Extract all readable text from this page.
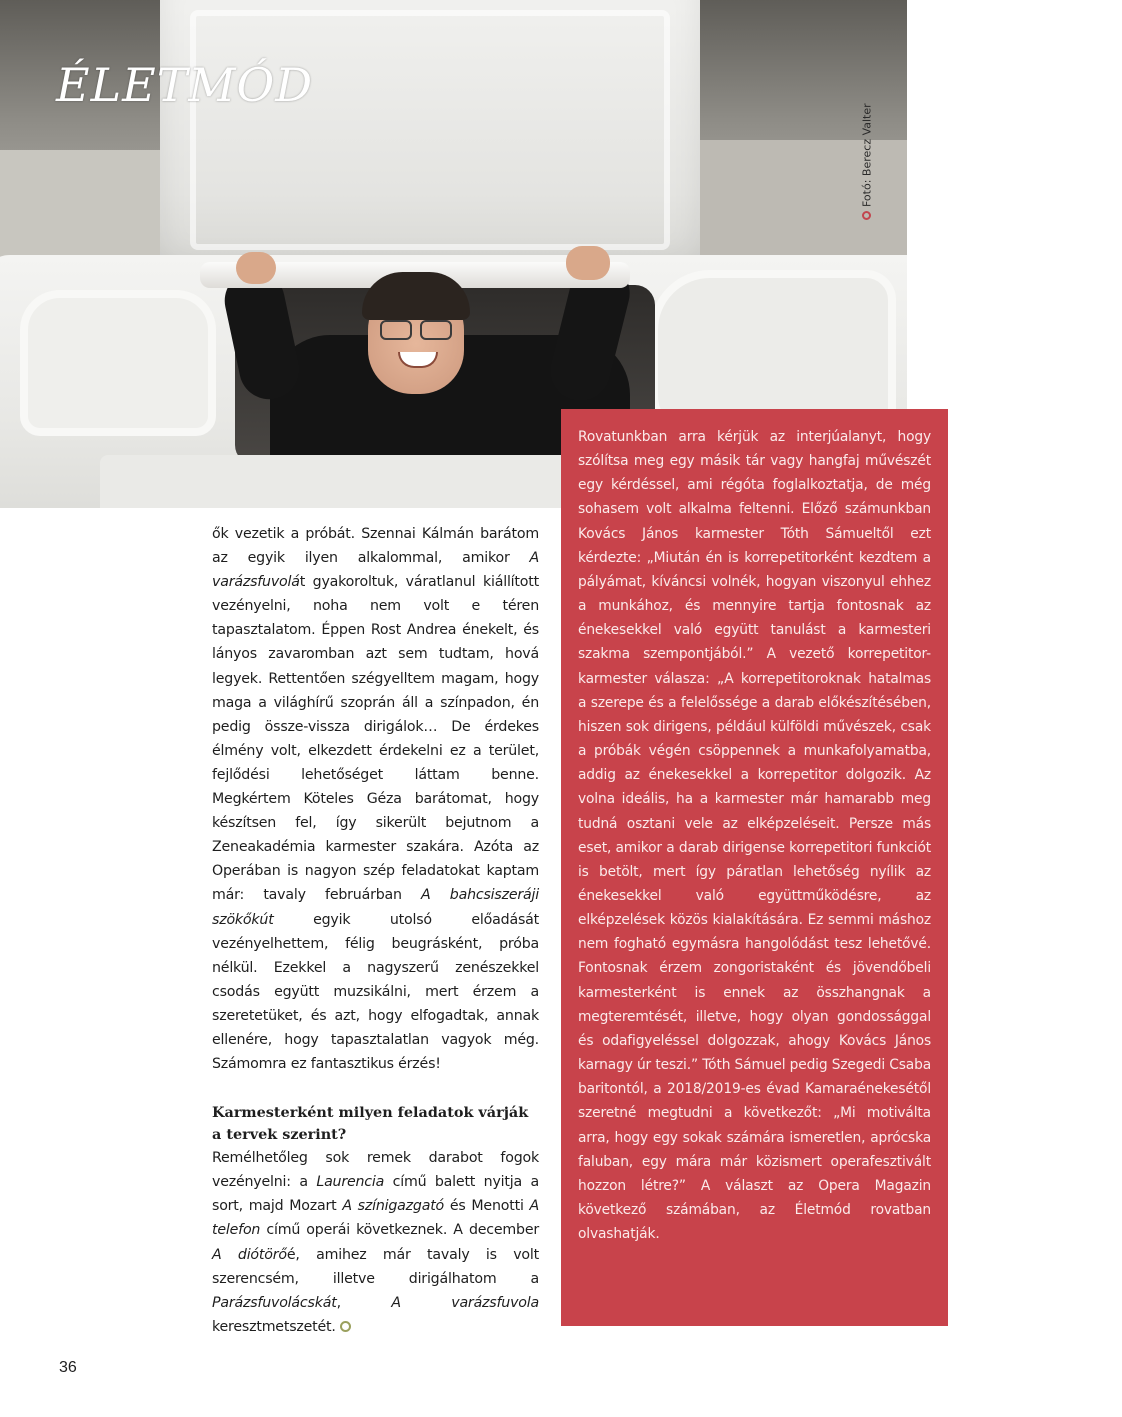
ÉLETMÓD
Fotó: Berecz Valter

ők vezetik a próbát. Szennai Kálmán barátom az egyik ilyen alkalommal, amikor A varázsfuvolát gyakoroltuk, váratlanul kiállított vezényelni, noha nem volt e téren tapasztalatom. Éppen Rost Andrea énekelt, és lányos zavaromban azt sem tudtam, hová legyek. Rettentően szégyelltem magam, hogy maga a világhírű szoprán áll a színpadon, én pedig össze-vissza dirigálok… De érdekes élmény volt, elkezdett érdekelni ez a terület, fejlődési lehetőséget láttam benne. Megkértem Köteles Géza barátomat, hogy készítsen fel, így sikerült bejutnom a Zeneakadémia karmester szakára. Azóta az Operában is nagyon szép feladatokat kaptam már: tavaly februárban A bahcsiszeráji szökőkút egyik utolsó előadását vezényelhettem, félig beugrásként, próba nélkül. Ezekkel a nagyszerű zenészekkel csodás együtt muzsikálni, mert érzem a szeretetüket, és azt, hogy elfogadtak, annak ellenére, hogy tapasztalatlan vagyok még. Számomra ez fantasztikus érzés!

Karmesterként milyen feladatok várják a tervek szerint?

Remélhetőleg sok remek darabot fogok vezényelni: a Laurencia című balett nyitja a sort, majd Mozart A színigazgató és Menotti A telefon című operái következnek. A december A diótörőé, amihez már tavaly is volt szerencsém, illetve dirigálhatom a Parázsfuvolácskát, A varázsfuvola keresztmetszetét.

Rovatunkban arra kérjük az interjúalanyt, hogy szólítsa meg egy másik tár vagy hangfaj művészét egy kérdéssel, ami régóta foglalkoztatja, de még sohasem volt alkalma feltenni. Előző számunkban Kovács János karmester Tóth Sámueltől ezt kérdezte: „Miután én is korrepetitorként kezdtem a pályámat, kíváncsi volnék, hogyan viszonyul ehhez a munkához, és mennyire tartja fontosnak az énekesekkel való együtt tanulást a karmesteri szakma szempontjából.” A vezető korrepetitor-karmester válasza: „A korrepetitoroknak hatalmas a szerepe és a felelőssége a darab előkészítésében, hiszen sok dirigens, például külföldi művészek, csak a próbák végén csöppennek a munkafolyamatba, addig az énekesekkel a korrepetitor dolgozik. Az volna ideális, ha a karmester már hamarabb meg tudná osztani vele az elképzeléseit. Persze más eset, amikor a darab dirigense korrepetitori funkciót is betölt, mert így páratlan lehetőség nyílik az énekesekkel való együttműködésre, az elképzelések közös kialakítására. Ez semmi máshoz nem fogható egymásra hangolódást tesz lehetővé. Fontosnak érzem zongoristaként és jövendőbeli karmesterként is ennek az összhangnak a megteremtését, illetve, hogy olyan gondossággal és odafigyeléssel dolgozzak, ahogy Kovács János karnagy úr teszi.” Tóth Sámuel pedig Szegedi Csaba baritontól, a 2018/2019-es évad Kamaraénekesétől szeretné megtudni a következőt: „Mi motiválta arra, hogy egy sokak számára ismeretlen, aprócska faluban, egy mára már közismert operafesztivált hozzon létre?” A választ az Opera Magazin következő számában, az Életmód rovatban olvashatják.

36
